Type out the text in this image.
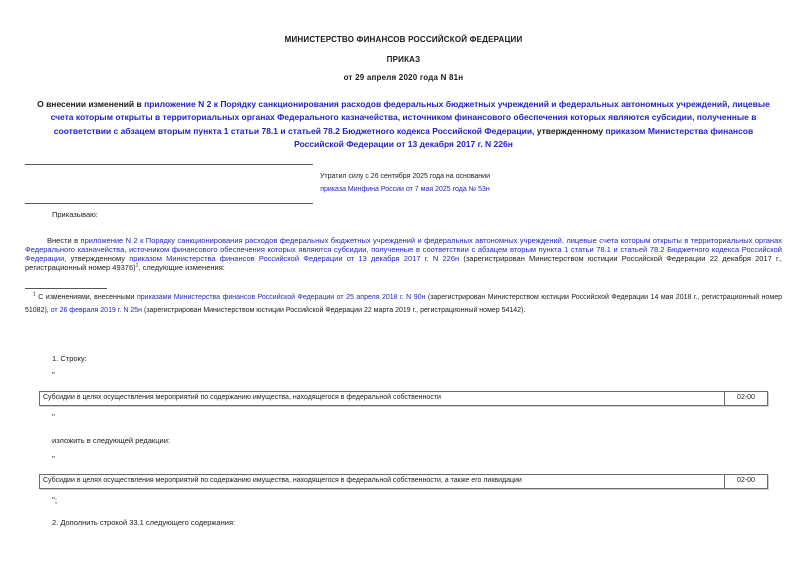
МИНИСТЕРСТВО ФИНАНСОВ РОССИЙСКОЙ ФЕДЕРАЦИИ
ПРИКАЗ
от 29 апреля 2020 года N 81н
О внесении изменений в приложение N 2 к Порядку санкционирования расходов федеральных бюджетных учреждений и федеральных автономных учреждений, лицевые счета которым открыты в территориальных органах Федерального казначейства, источником финансового обеспечения которых являются субсидии, полученные в соответствии с абзацем вторым пункта 1 статьи 78.1 и статьей 78.2 Бюджетного кодекса Российской Федерации, утвержденному приказом Министерства финансов Российской Федерации от 13 декабря 2017 г. N 226н
Утратил силу с 26 сентября 2025 года на основании
приказа Минфина России от 7 мая 2025 года № 53н
Приказываю:
Внести в приложение N 2 к Порядку санкционирования расходов федеральных бюджетных учреждений и федеральных автономных учреждений, лицевые счета которым открыты в территориальных органах Федерального казначейства, источником финансового обеспечения которых являются субсидии, полученные в соответствии с абзацем вторым пункта 1 статьи 78.1 и статьей 78.2 Бюджетного кодекса Российской Федерации, утвержденному приказом Министерства финансов Российской Федерации от 13 декабря 2017 г. N 226н (зарегистрирован Министерством юстиции Российской Федерации 22 декабря 2017 г., регистрационный номер 49376)$^1$, следующие изменения:
$^1$ С изменениями, внесенными приказами Министерства финансов Российской Федерации от 25 апреля 2018 г. N 90н (зарегистрирован Министерством юстиции Российской Федерации 14 мая 2018 г., регистрационный номер 51082), от 26 февраля 2019 г. N 25н (зарегистрирован Министерством юстиции Российской Федерации 22 марта 2019 г., регистрационный номер 54142).
1. Строку:
"
Субсидии в целях осуществления мероприятий по содержанию имущества, находящегося в федеральной собственности	02-00
"
изложить в следующей редакции:
"
Субсидии в целях осуществления мероприятий по содержанию имущества, находящегося в федеральной собственности, а также его ликвидации	02-00
";
2. Дополнить строкой 33.1 следующего содержания:
